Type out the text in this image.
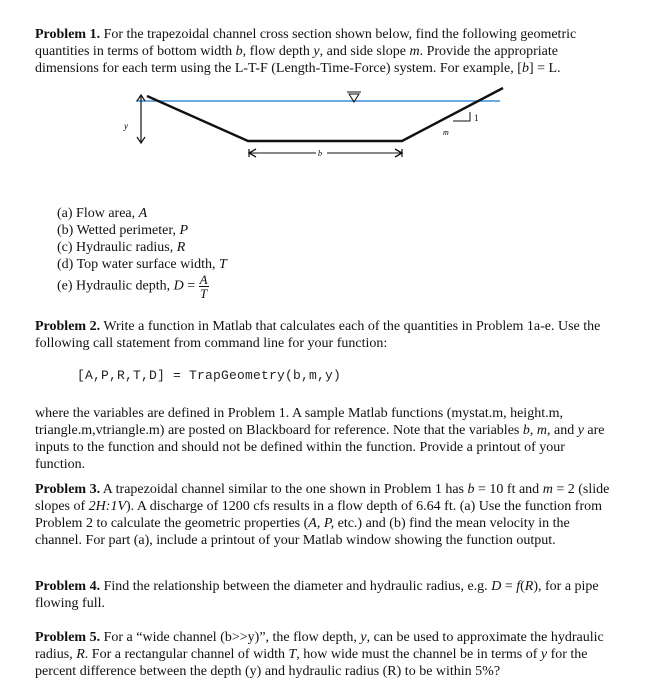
Problem 1. For the trapezoidal channel cross section shown below, find the following geometric quantities in terms of bottom width b, flow depth y, and side slope m. Provide the appropriate dimensions for each term using the L-T-F (Length-Time-Force) system. For example, [b] = L.
y
b
1
m
(a) Flow area, A
(b) Wetted perimeter, P
(c) Hydraulic radius, R
(d) Top water surface width, T
(e) Hydraulic depth, $D = \frac{A}{T}$
Problem 2. Write a function in Matlab that calculates each of the quantities in Problem 1a-e. Use the following call statement from command line for your function:
[A,P,R,T,D] = TrapGeometry(b,m,y)
where the variables are defined in Problem 1. A sample Matlab functions (mystat.m, height.m, triangle.m,vtriangle.m) are posted on Blackboard for reference. Note that the variables b, m, and y are inputs to the function and should not be defined within the function. Provide a printout of your function.
Problem 3. A trapezoidal channel similar to the one shown in Problem 1 has b = 10 ft and m = 2 (slide slopes of 2H:1V). A discharge of 1200 cfs results in a flow depth of 6.64 ft. (a) Use the function from Problem 2 to calculate the geometric properties (A, P, etc.) and (b) find the mean velocity in the channel. For part (a), include a printout of your Matlab window showing the function output.
Problem 4. Find the relationship between the diameter and hydraulic radius, e.g. D = f(R), for a pipe flowing full.
Problem 5. For a “wide channel (b>>y)”, the flow depth, y, can be used to approximate the hydraulic radius, R. For a rectangular channel of width T, how wide must the channel be in terms of y for the percent difference between the depth (y) and hydraulic radius (R) to be within 5%?
